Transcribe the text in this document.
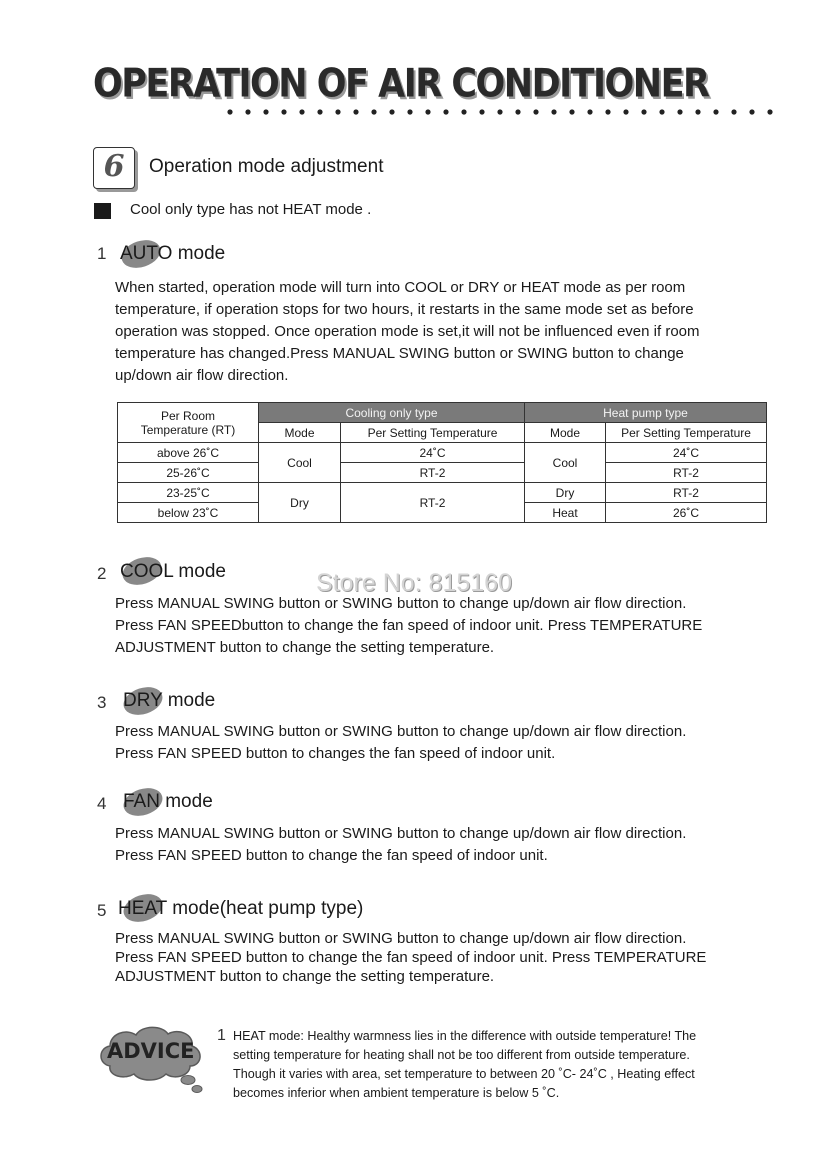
OPERATION OF AIR CONDITIONER
6	Operation mode adjustment
Cool only type has not HEAT mode .
1 AUTO mode
When started, operation mode will turn into COOL or DRY or HEAT mode as per room
temperature, if operation stops for two hours, it restarts in the same mode set as before
operation was stopped. Once operation mode is set,it will not be influenced even if room
temperature has changed.Press MANUAL SWING button or SWING button to change
up/down air flow direction.
Per Room
Temperature (RT)	Cooling only type		Heat pump type	
	Mode	Per Setting Temperature	Mode	Per Setting Temperature
above 26˚C	Cool	24˚C	Cool	24˚C
25-26˚C		RT-2		RT-2
23-25˚C	Dry	RT-2	Dry	RT-2
below 23˚C			Heat	26˚C
2 COOL mode	Store No: 815160
Press MANUAL SWING button or SWING button to change up/down air flow direction.
Press FAN SPEEDbutton to change the fan speed of indoor unit. Press TEMPERATURE
ADJUSTMENT button to change the setting temperature.
3 DRY mode
Press MANUAL SWING button or SWING button to change up/down air flow direction.
Press FAN SPEED button to changes the fan speed of indoor unit.
4 FAN mode
Press MANUAL SWING button or SWING button to change up/down air flow direction.
Press FAN SPEED button to change the fan speed of indoor unit.
5 HEAT mode(heat pump type)
Press MANUAL SWING button or SWING button to change up/down air flow direction.
Press FAN SPEED button to change the fan speed of indoor unit. Press TEMPERATURE
ADJUSTMENT button to change the setting temperature.
ADVICE
1 HEAT mode: Healthy warmness lies in the difference with outside temperature! The
setting temperature for heating shall not be too different from outside temperature.
Though it varies with area, set temperature to between 20 ˚C- 24˚C , Heating effect
becomes inferior when ambient temperature is below 5 ˚C.
